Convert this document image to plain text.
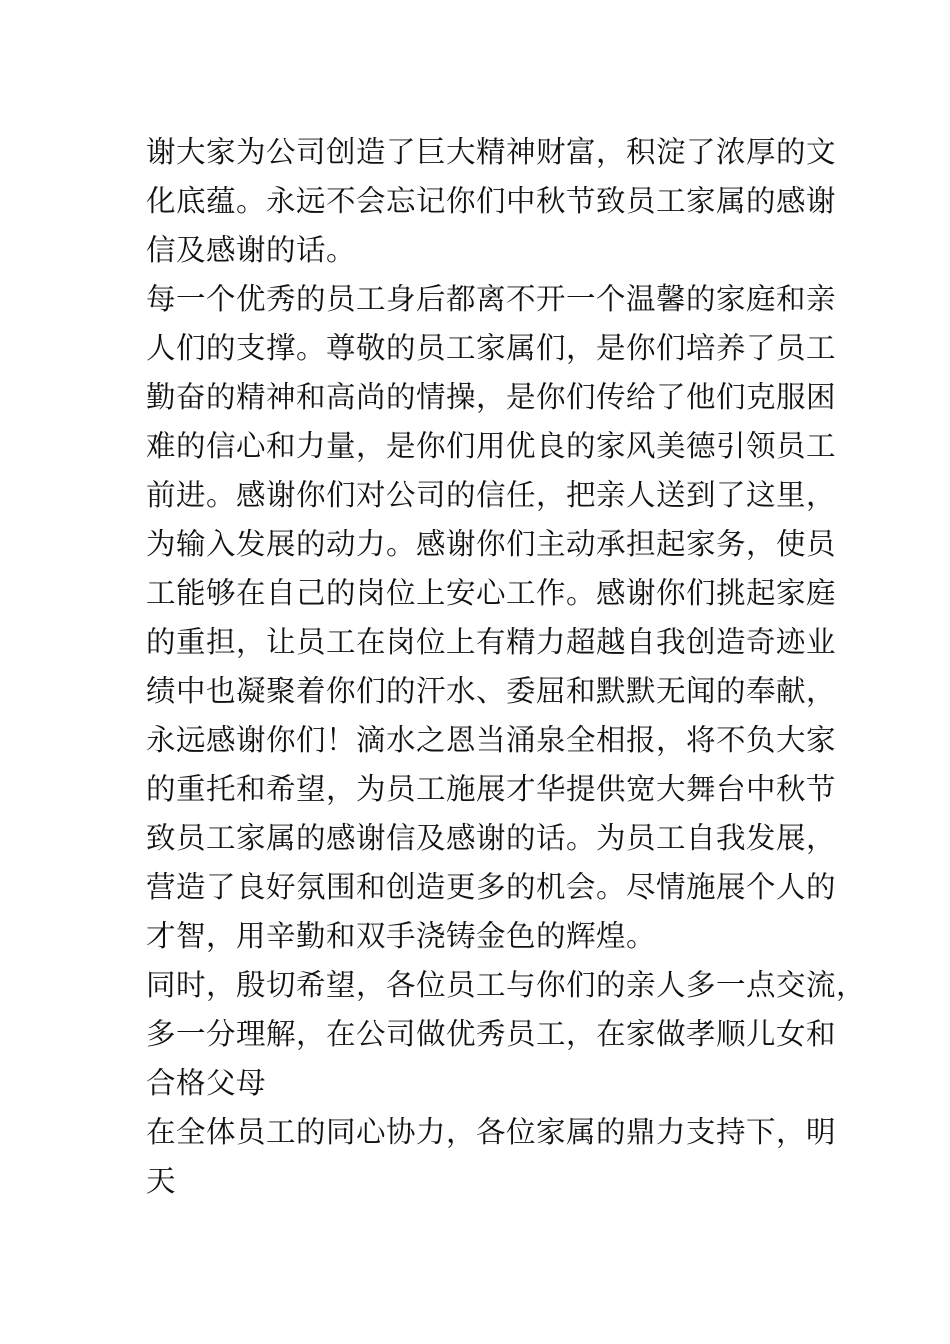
谢大家为公司创造了巨大精神财富，积淀了浓厚的文
化底蕴。永远不会忘记你们中秋节致员工家属的感谢
信及感谢的话。
每一个优秀的员工身后都离不开一个温馨的家庭和亲
人们的支撑。尊敬的员工家属们，是你们培养了员工
勤奋的精神和高尚的情操，是你们传给了他们克服困
难的信心和力量，是你们用优良的家风美德引领员工
前进。感谢你们对公司的信任，把亲人送到了这里，
为输入发展的动力。感谢你们主动承担起家务，使员
工能够在自己的岗位上安心工作。感谢你们挑起家庭
的重担，让员工在岗位上有精力超越自我创造奇迹业
绩中也凝聚着你们的汗水、委屈和默默无闻的奉献，
永远感谢你们！滴水之恩当涌泉全相报，将不负大家
的重托和希望，为员工施展才华提供宽大舞台中秋节
致员工家属的感谢信及感谢的话。为员工自我发展，
营造了良好氛围和创造更多的机会。尽情施展个人的
才智，用辛勤和双手浇铸金色的辉煌。
同时，殷切希望，各位员工与你们的亲人多一点交流，
多一分理解，在公司做优秀员工，在家做孝顺儿女和
合格父母
在全体员工的同心协力，各位家属的鼎力支持下，明
天
